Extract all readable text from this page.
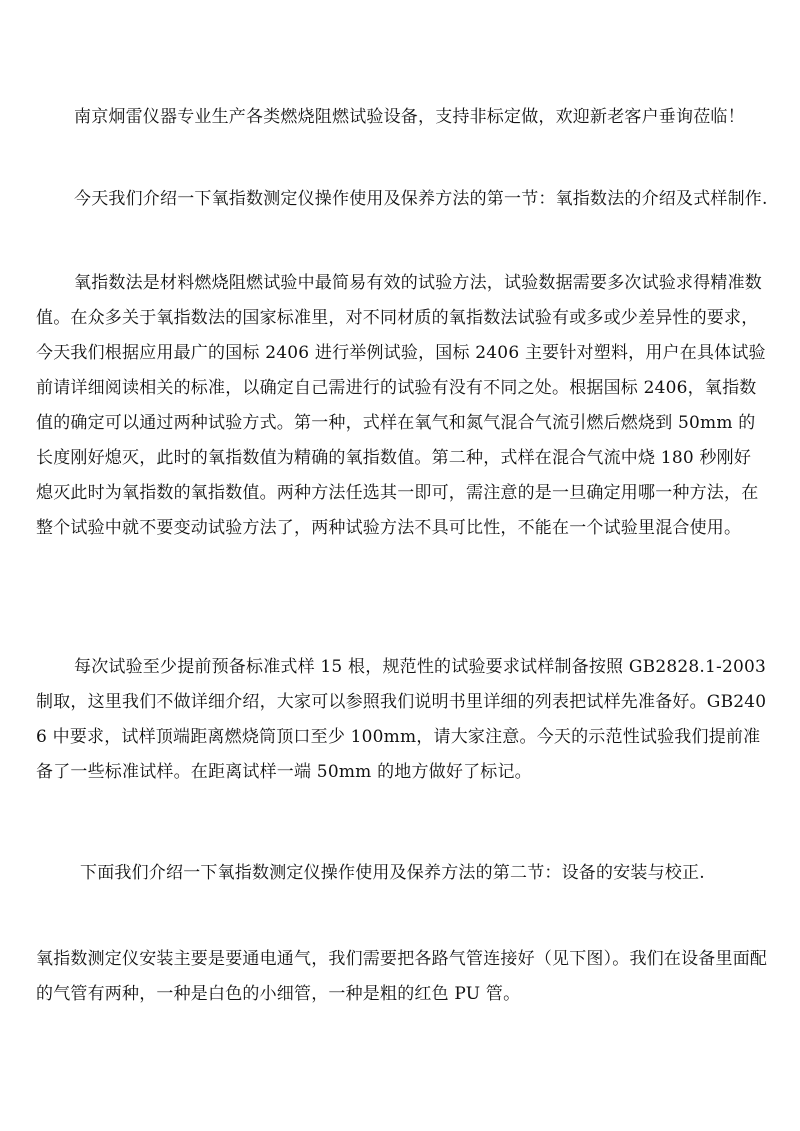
南京炯雷仪器专业生产各类燃烧阻燃试验设备，支持非标定做，欢迎新老客户垂询莅临！

今天我们介绍一下氧指数测定仪操作使用及保养方法的第一节：氧指数法的介绍及式样制作.

氧指数法是材料燃烧阻燃试验中最简易有效的试验方法，试验数据需要多次试验求得精准数值。在众多关于氧指数法的国家标准里，对不同材质的氧指数法试验有或多或少差异性的要求，今天我们根据应用最广的国标 2406 进行举例试验，国标 2406 主要针对塑料，用户在具体试验前请详细阅读相关的标准，以确定自己需进行的试验有没有不同之处。根据国标 2406，氧指数值的确定可以通过两种试验方式。第一种，式样在氧气和氮气混合气流引燃后燃烧到 50mm 的长度刚好熄灭，此时的氧指数值为精确的氧指数值。第二种，式样在混合气流中烧 180 秒刚好熄灭此时为氧指数的氧指数值。两种方法任选其一即可，需注意的是一旦确定用哪一种方法，在整个试验中就不要变动试验方法了，两种试验方法不具可比性，不能在一个试验里混合使用。

每次试验至少提前预备标准式样 15 根，规范性的试验要求试样制备按照 GB2828.1-2003 制取，这里我们不做详细介绍，大家可以参照我们说明书里详细的列表把试样先准备好。GB2406 中要求，试样顶端距离燃烧筒顶口至少 100mm，请大家注意。今天的示范性试验我们提前准备了一些标准试样。在距离试样一端 50mm 的地方做好了标记。

下面我们介绍一下氧指数测定仪操作使用及保养方法的第二节：设备的安装与校正.

氧指数测定仪安装主要是要通电通气，我们需要把各路气管连接好（见下图）。我们在设备里面配的气管有两种，一种是白色的小细管，一种是粗的红色 PU 管。
